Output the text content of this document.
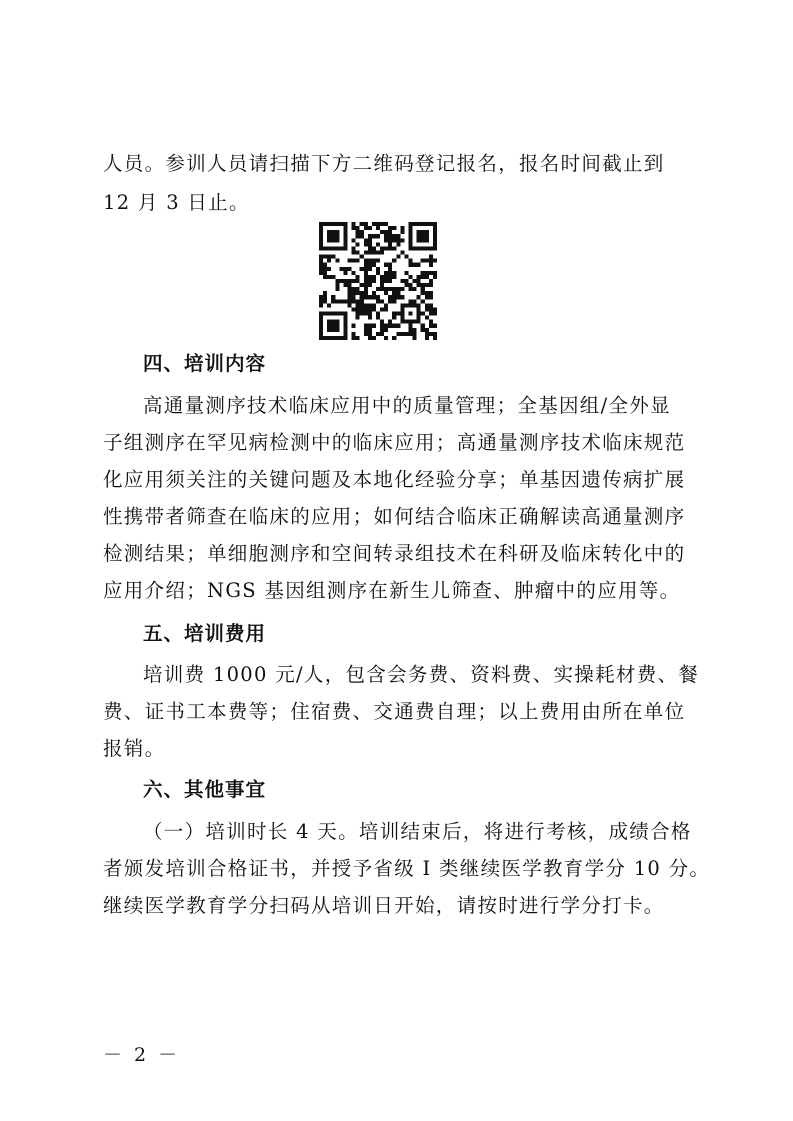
人员。参训人员请扫描下方二维码登记报名，报名时间截止到
12 月 3 日止。
四、培训内容
高通量测序技术临床应用中的质量管理；全基因组/全外显
子组测序在罕见病检测中的临床应用；高通量测序技术临床规范
化应用须关注的关键问题及本地化经验分享；单基因遗传病扩展
性携带者筛查在临床的应用；如何结合临床正确解读高通量测序
检测结果；单细胞测序和空间转录组技术在科研及临床转化中的
应用介绍；NGS 基因组测序在新生儿筛查、肿瘤中的应用等。
五、培训费用
培训费 1000 元/人，包含会务费、资料费、实操耗材费、餐
费、证书工本费等；住宿费、交通费自理；以上费用由所在单位
报销。
六、其他事宜
（一）培训时长 4 天。培训结束后，将进行考核，成绩合格
者颁发培训合格证书，并授予省级 I 类继续医学教育学分 10 分。
继续医学教育学分扫码从培训日开始，请按时进行学分打卡。
－ 2 －
